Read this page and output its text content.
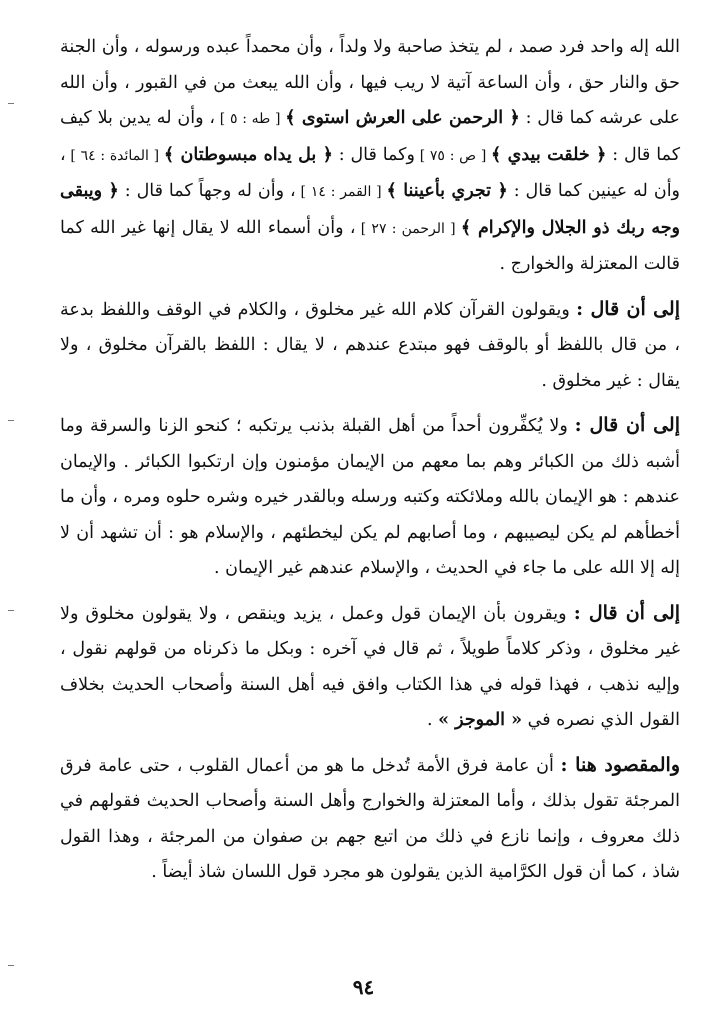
الله إله واحد فرد صمد ، لم يتخذ صاحبة ولا ولداً ، وأن محمداً عبده ورسوله ، وأن الجنة حق والنار حق ، وأن الساعة آتية لا ريب فيها ، وأن الله يبعث من في القبور ، وأن الله على عرشه كما قال : ﴿ الرحمن على العرش استوى ﴾ [ طه : ٥ ] ، وأن له يدين بلا كيف كما قال : ﴿ خلقت بيدي ﴾ [ ص : ٧٥ ] وكما قال : ﴿ بل يداه مبسوطتان ﴾ [ المائدة : ٦٤ ] ، وأن له عينين كما قال : ﴿ تجري بأعيننا ﴾ [ القمر : ١٤ ] ، وأن له وجهاً كما قال : ﴿ ويبقى وجه ربك ذو الجلال والإكرام ﴾ [ الرحمن : ٢٧ ] ، وأن أسماء الله لا يقال إنها غير الله كما قالت المعتزلة والخوارج .

إلى أن قال : ويقولون القرآن كلام الله غير مخلوق ، والكلام في الوقف واللفظ بدعة ، من قال باللفظ أو بالوقف فهو مبتدع عندهم ، لا يقال : اللفظ بالقرآن مخلوق ، ولا يقال : غير مخلوق .

إلى أن قال : ولا يُكفِّرون أحداً من أهل القبلة بذنب يرتكبه ؛ كنحو الزنا والسرقة وما أشبه ذلك من الكبائر وهم بما معهم من الإيمان مؤمنون وإن ارتكبوا الكبائر . والإيمان عندهم : هو الإيمان بالله وملائكته وكتبه ورسله وبالقدر خيره وشره حلوه ومره ، وأن ما أخطأهم لم يكن ليصيبهم ، وما أصابهم لم يكن ليخطئهم ، والإسلام هو : أن تشهد أن لا إله إلا الله على ما جاء في الحديث ، والإسلام عندهم غير الإيمان .

إلى أن قال : ويقرون بأن الإيمان قول وعمل ، يزيد وينقص ، ولا يقولون مخلوق ولا غير مخلوق ، وذكر كلاماً طويلاً ، ثم قال في آخره : وبكل ما ذكرناه من قولهم نقول ، وإليه نذهب ، فهذا قوله في هذا الكتاب وافق فيه أهل السنة وأصحاب الحديث بخلاف القول الذي نصره في « الموجز » .

والمقصود هنا : أن عامة فرق الأمة تُدخل ما هو من أعمال القلوب ، حتى عامة فرق المرجئة تقول بذلك ، وأما المعتزلة والخوارج وأهل السنة وأصحاب الحديث فقولهم في ذلك معروف ، وإنما نازع في ذلك من اتبع جهم بن صفوان من المرجئة ، وهذا القول شاذ ، كما أن قول الكرَّامية الذين يقولون هو مجرد قول اللسان شاذ أيضاً .

٩٤
